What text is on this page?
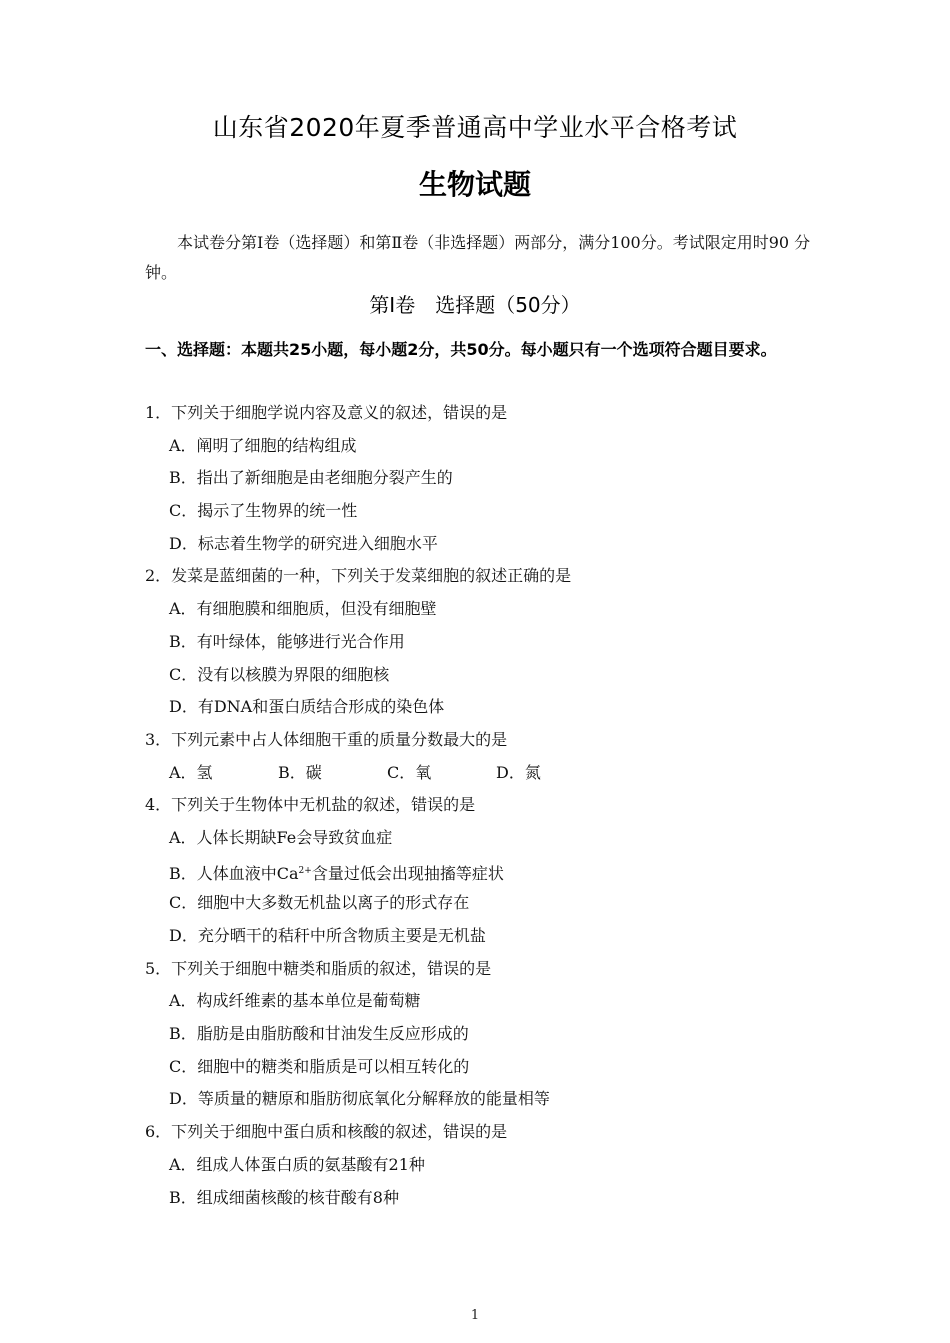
山东省2020年夏季普通高中学业水平合格考试
生物试题

本试卷分第Ⅰ卷（选择题）和第Ⅱ卷（非选择题）两部分，满分100分。考试限定用时90 分钟。

第Ⅰ卷　选择题（50分）

一、选择题：本题共25小题，每小题2分，共50分。每小题只有一个选项符合题目要求。

1．下列关于细胞学说内容及意义的叙述，错误的是
A．阐明了细胞的结构组成
B．指出了新细胞是由老细胞分裂产生的
C．揭示了生物界的统一性
D．标志着生物学的研究进入细胞水平
2．发菜是蓝细菌的一种，下列关于发菜细胞的叙述正确的是
A．有细胞膜和细胞质，但没有细胞壁
B．有叶绿体，能够进行光合作用
C．没有以核膜为界限的细胞核
D．有DNA和蛋白质结合形成的染色体
3．下列元素中占人体细胞干重的质量分数最大的是
A．氢	B．碳	C．氧	D．氮
4．下列关于生物体中无机盐的叙述，错误的是
A．人体长期缺Fe会导致贫血症
B．人体血液中$Ca^{2+}$含量过低会出现抽搐等症状
C．细胞中大多数无机盐以离子的形式存在
D．充分晒干的秸秆中所含物质主要是无机盐
5．下列关于细胞中糖类和脂质的叙述，错误的是
A．构成纤维素的基本单位是葡萄糖
B．脂肪是由脂肪酸和甘油发生反应形成的
C．细胞中的糖类和脂质是可以相互转化的
D．等质量的糖原和脂肪彻底氧化分解释放的能量相等
6．下列关于细胞中蛋白质和核酸的叙述，错误的是
A．组成人体蛋白质的氨基酸有21种
B．组成细菌核酸的核苷酸有8种
1
